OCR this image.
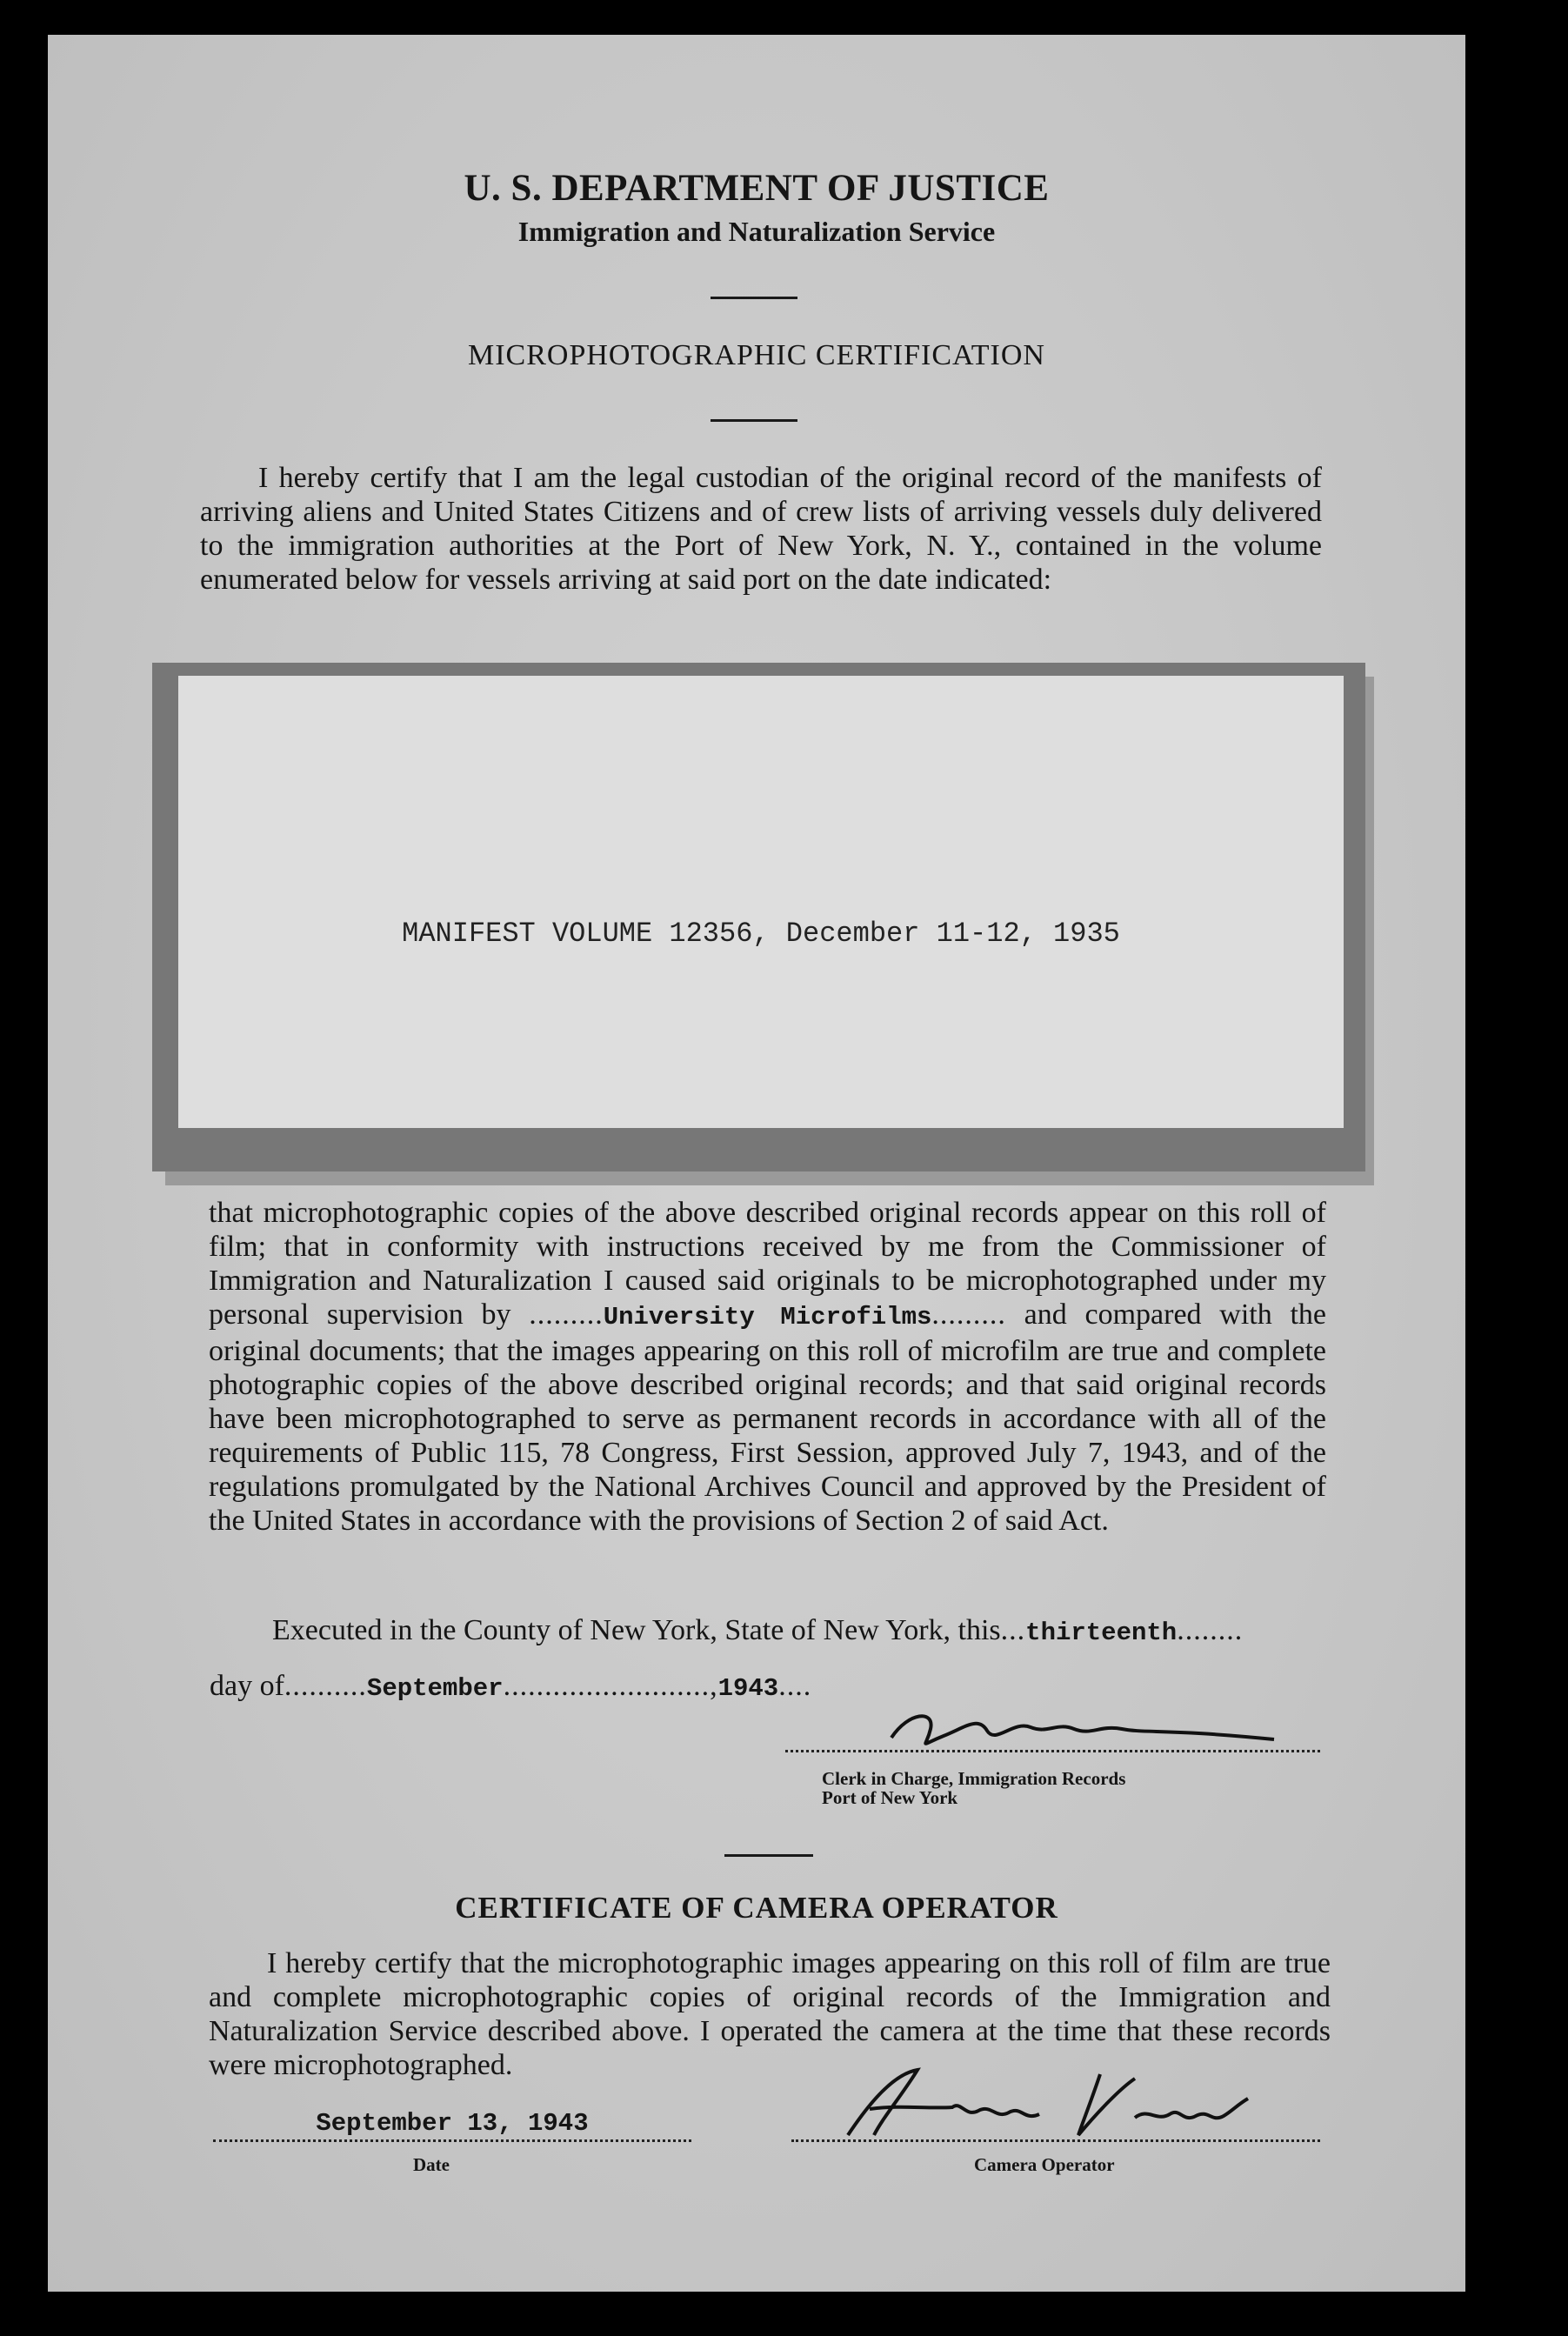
U. S. DEPARTMENT OF JUSTICE
Immigration and Naturalization Service
MICROPHOTOGRAPHIC CERTIFICATION
I hereby certify that I am the legal custodian of the original record of the manifests of arriving aliens and United States Citizens and of crew lists of arriving vessels duly delivered to the immigration authorities at the Port of New York, N. Y., contained in the volume enumerated below for vessels arriving at said port on the date indicated:
MANIFEST VOLUME 12356, December 11-12, 1935
that microphotographic copies of the above described original records appear on this roll of film; that in conformity with instructions received by me from the Commissioner of Immigration and Naturalization I caused said originals to be microphotographed under my personal supervision by .........University Microfilms......... and compared with the original documents; that the images appearing on this roll of microfilm are true and complete photographic copies of the above described original records; and that said original records have been microphotographed to serve as permanent records in accordance with all of the requirements of Public 115, 78 Congress, First Session, approved July 7, 1943, and of the regulations promulgated by the National Archives Council and approved by the President of the United States in accordance with the provisions of Section 2 of said Act.
Executed in the County of New York, State of New York, this...thirteenth........
day of..........September.........................,1943....
Clerk in Charge, Immigration Records
Port of New York
CERTIFICATE OF CAMERA OPERATOR
I hereby certify that the microphotographic images appearing on this roll of film are true and complete microphotographic copies of original records of the Immigration and Naturalization Service described above. I operated the camera at the time that these records were microphotographed.
September 13, 1943
Date
Anna Varada
Camera Operator
